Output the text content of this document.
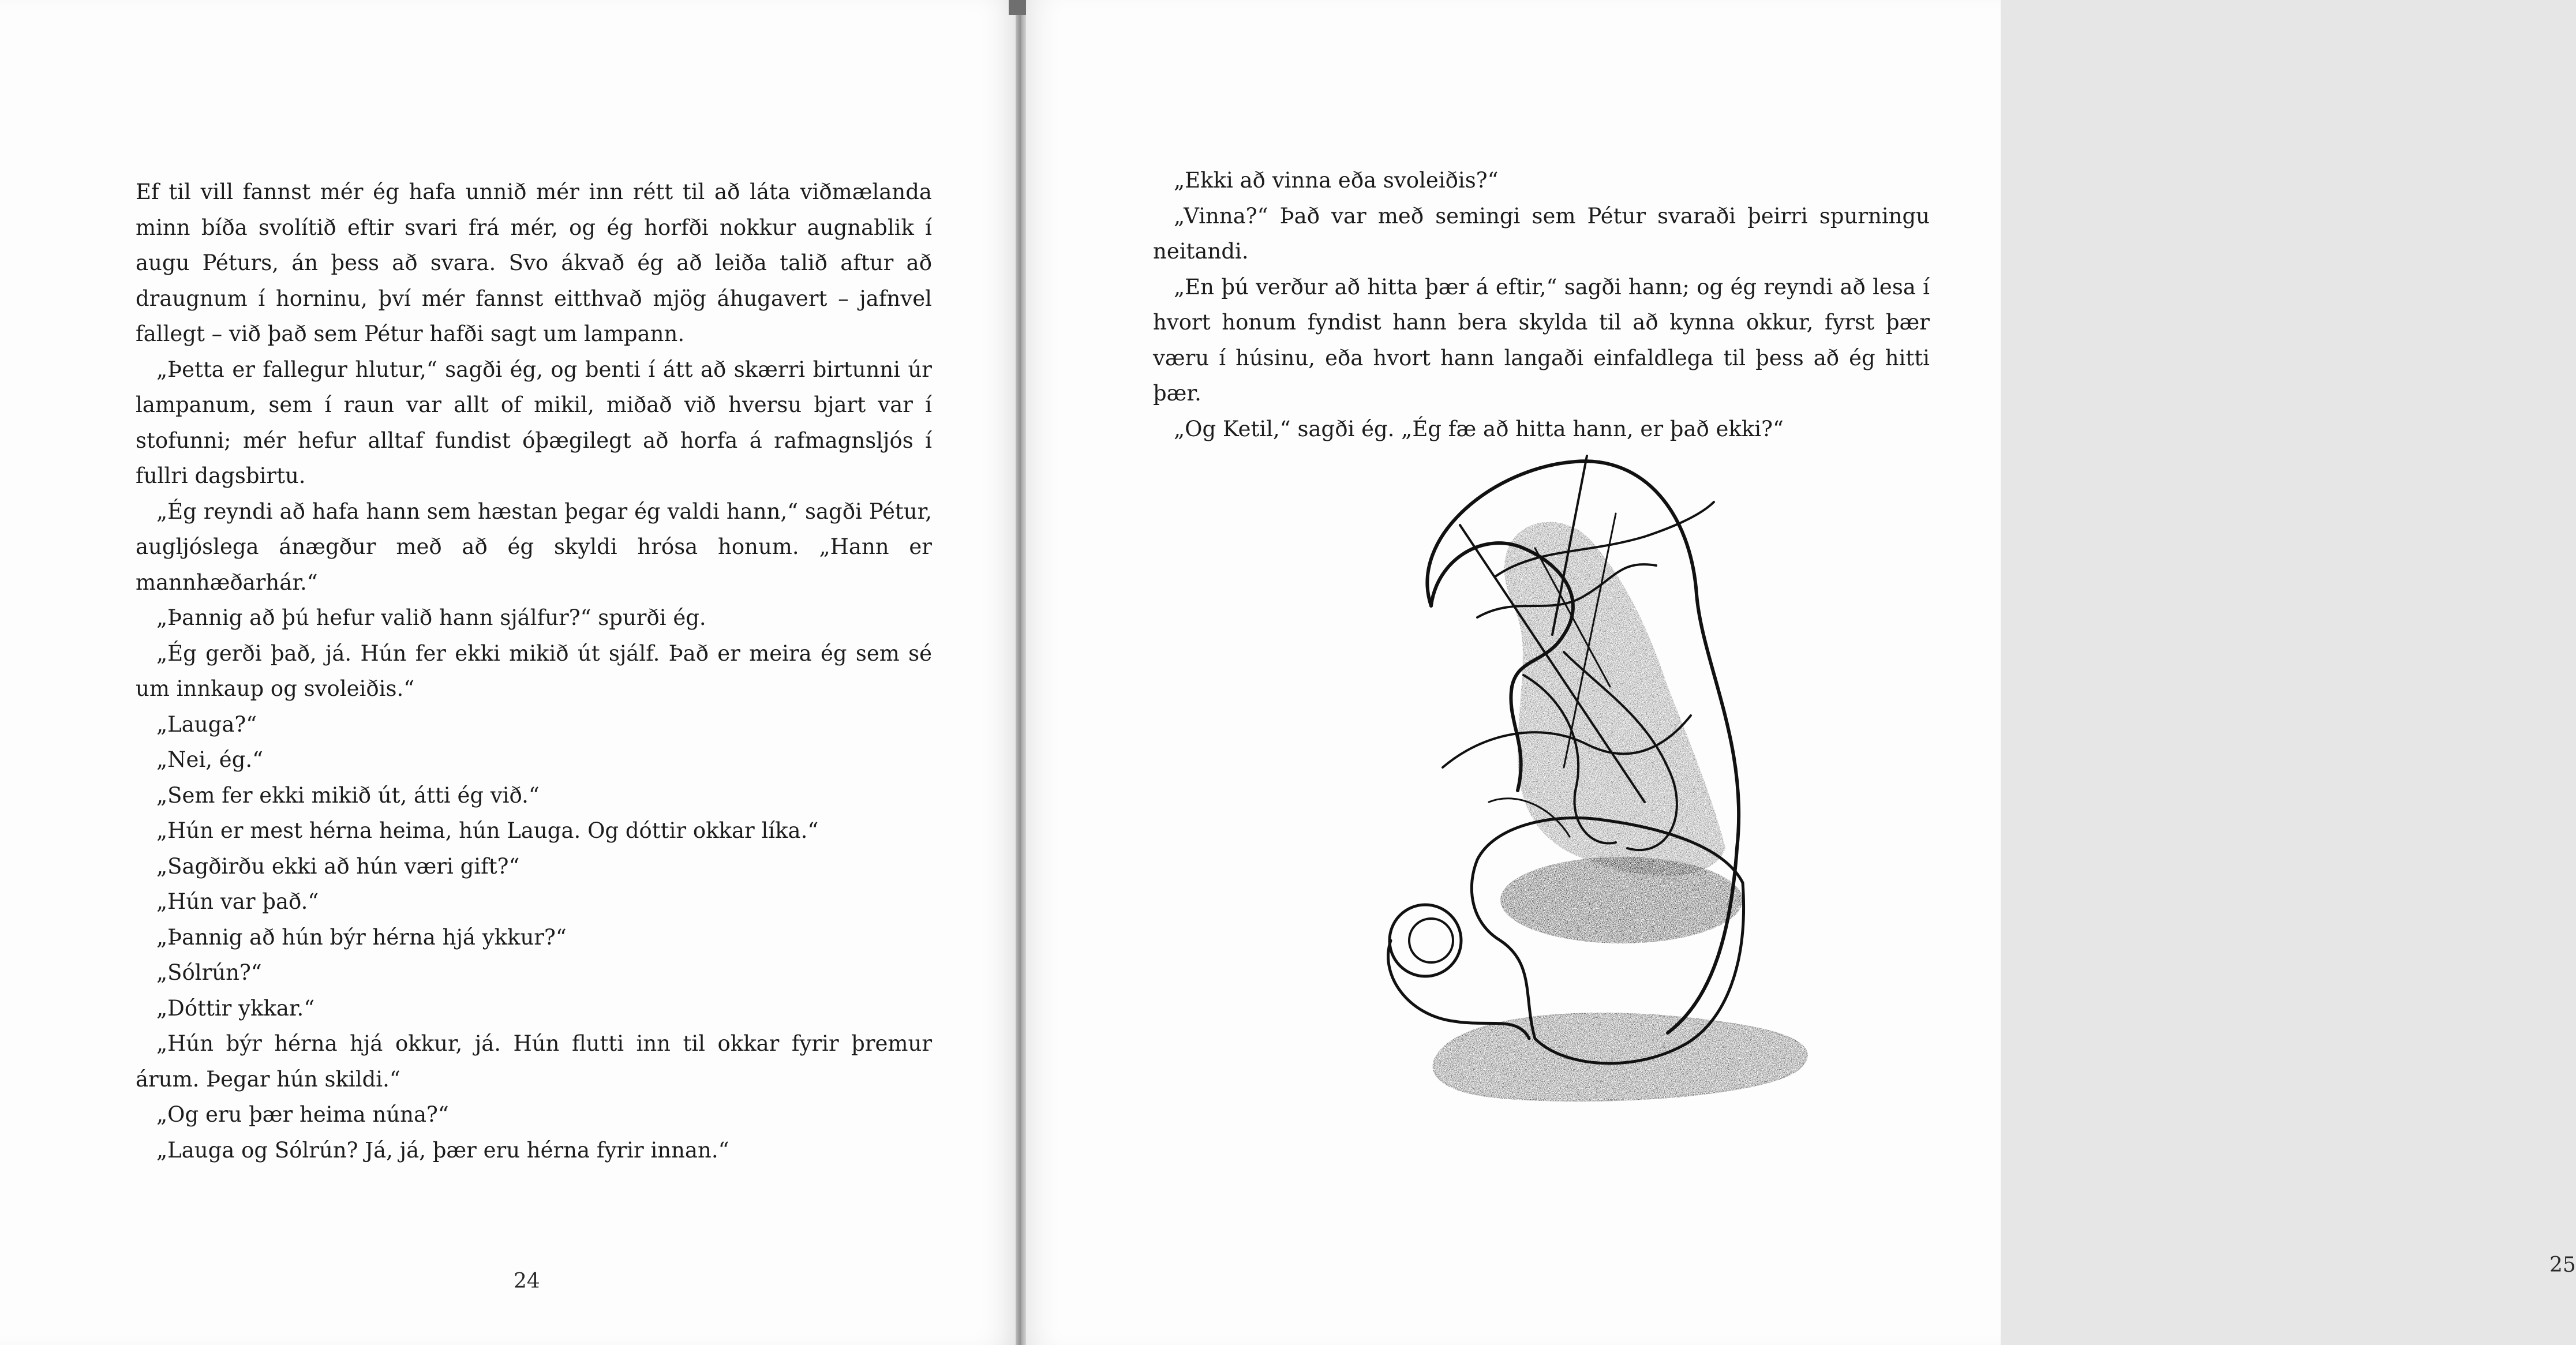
Ef til vill fannst mér ég hafa unnið mér inn rétt til að láta viðmælanda minn bíða svolítið eftir svari frá mér, og ég horfði nokkur augnablik í augu Péturs, án þess að svara. Svo ákvað ég að leiða talið aftur að draugnum í horninu, því mér fannst eitthvað mjög áhugavert – jafnvel fallegt – við það sem Pétur hafði sagt um lampann.

„Þetta er fallegur hlutur,“ sagði ég, og benti í átt að skærri birtunni úr lampanum, sem í raun var allt of mikil, miðað við hversu bjart var í stofunni; mér hefur alltaf fundist óþægilegt að horfa á rafmagnsljós í fullri dagsbirtu.

„Ég reyndi að hafa hann sem hæstan þegar ég valdi hann,“ sagði Pétur, augljóslega ánægður með að ég skyldi hrósa honum. „Hann er mannhæðarhár.“

„Þannig að þú hefur valið hann sjálfur?“ spurði ég.

„Ég gerði það, já. Hún fer ekki mikið út sjálf. Það er meira ég sem sé um innkaup og svoleiðis.“

„Lauga?“

„Nei, ég.“

„Sem fer ekki mikið út, átti ég við.“

„Hún er mest hérna heima, hún Lauga. Og dóttir okkar líka.“

„Sagðirðu ekki að hún væri gift?“

„Hún var það.“

„Þannig að hún býr hérna hjá ykkur?“

„Sólrún?“

„Dóttir ykkar.“

„Hún býr hérna hjá okkur, já. Hún flutti inn til okkar fyrir þremur árum. Þegar hún skildi.“

„Og eru þær heima núna?“

„Lauga og Sólrún? Já, já, þær eru hérna fyrir innan.“

24
25

„Ekki að vinna eða svoleiðis?“

„Vinna?“ Það var með semingi sem Pétur svaraði þeirri spurningu neitandi.

„En þú verður að hitta þær á eftir,“ sagði hann; og ég reyndi að lesa í hvort honum fyndist hann bera skylda til að kynna okkur, fyrst þær væru í húsinu, eða hvort hann langaði einfaldlega til þess að ég hitti þær.

„Og Ketil,“ sagði ég. „Ég fæ að hitta hann, er það ekki?“
